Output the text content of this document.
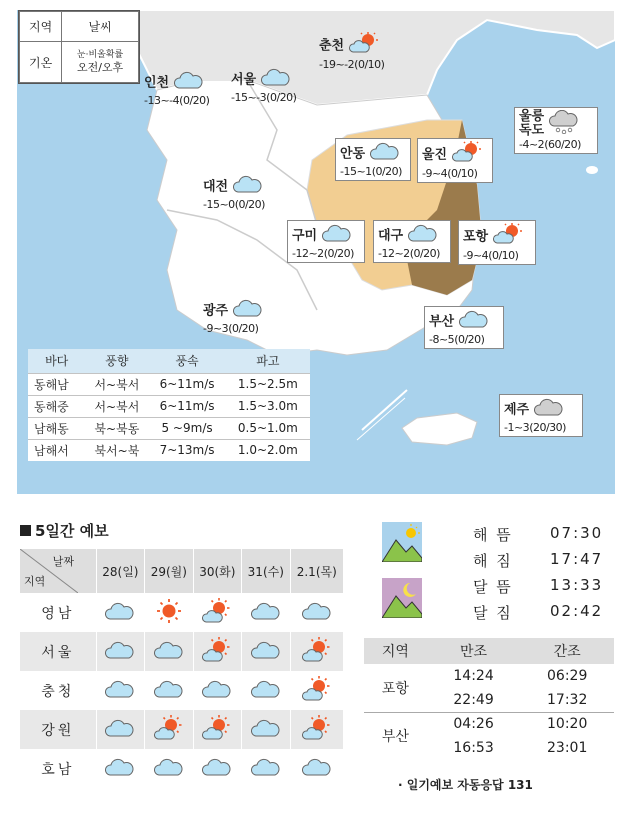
지역	날씨
기온	눈·비올확률
오전/오후
춘천
-19~-2(0/10)
인천
-13~-4(0/20)
서울
-15~-3(0/20)
울릉
독도
-4~2(60/20)
안동
-15~1(0/20)
울진
-9~4(0/10)
대전
-15~0(0/20)
구미
-12~2(0/20)
대구
-12~2(0/20)
포항
-9~4(0/10)
광주
-9~3(0/20)	부산
-8~5(0/20)
제주
-1~3(20/30)
바다	풍향	풍속	파고
동해남	서~북서	6~11m/s	1.5~2.5m
동해중	서~북서	6~11m/s	1.5~3.0m
남해동	북~북동	5 ~9m/s	0.5~1.0m
남해서	북서~북	7~13m/s	1.0~2.0m
5일간 예보
날짜
지역	28(일)	29(월)	30(화)	31(수)	2.1(목)
영남					
서울					
충청					
강원					
호남					
해 뜸 07:30
해 짐 17:47
달 뜸 13:33
달 짐 02:42
지역	만조	간조
포항	14:24	06:29
	22:49	17:32
부산	04:26	10:20
	16:53	23:01
· 일기예보 자동응답 131
